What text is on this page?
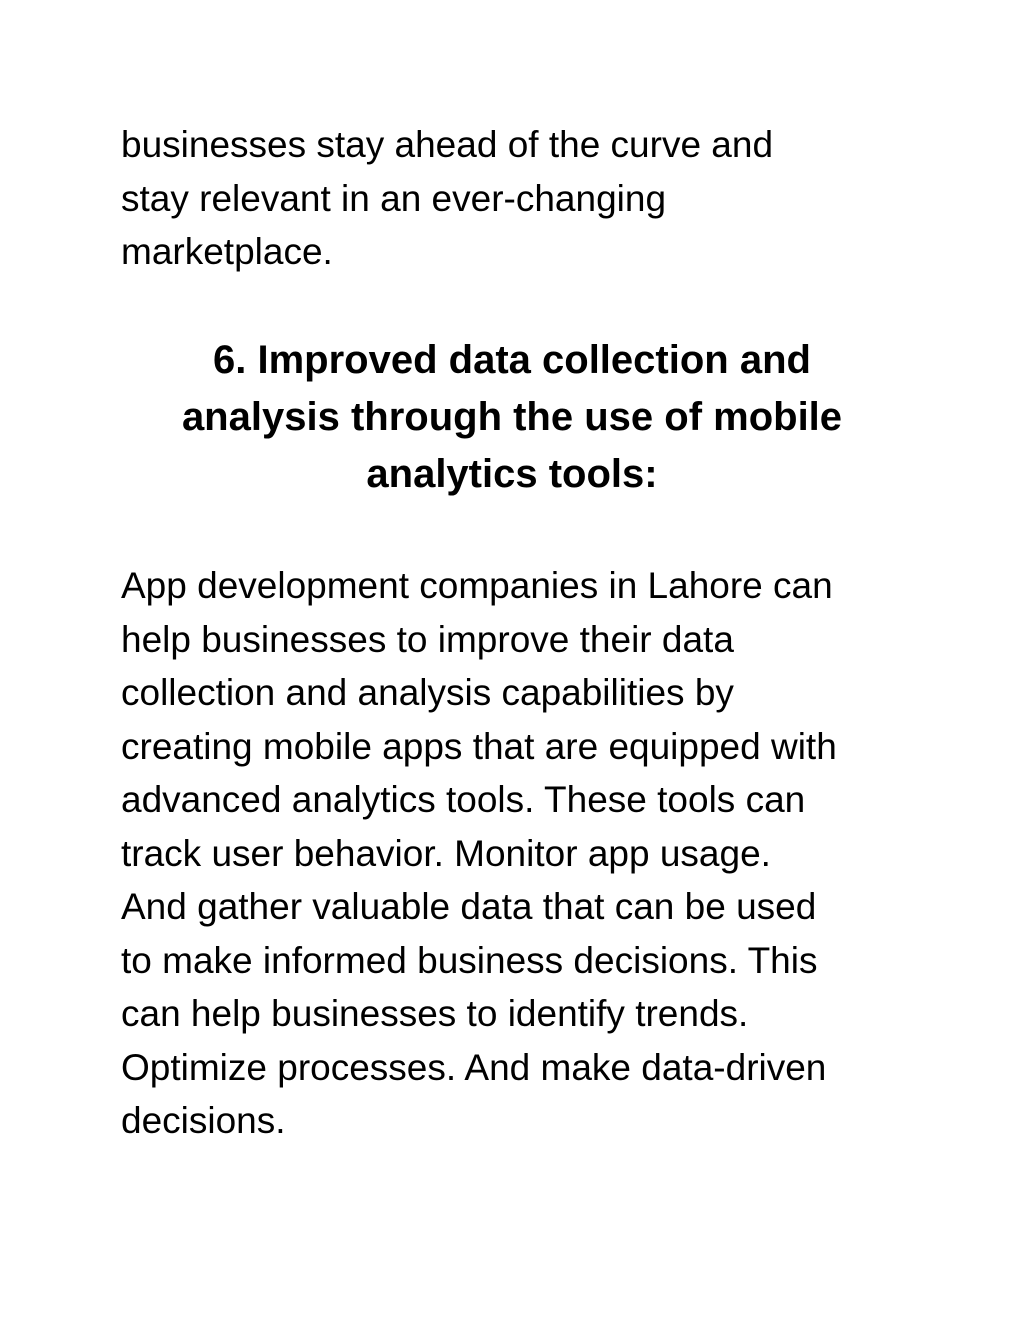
businesses stay ahead of the curve and
stay relevant in an ever-changing
marketplace.

6. Improved data collection and
analysis through the use of mobile
analytics tools:

App development companies in Lahore can
help businesses to improve their data
collection and analysis capabilities by
creating mobile apps that are equipped with
advanced analytics tools. These tools can
track user behavior. Monitor app usage.
And gather valuable data that can be used
to make informed business decisions. This
can help businesses to identify trends.
Optimize processes. And make data-driven
decisions.
